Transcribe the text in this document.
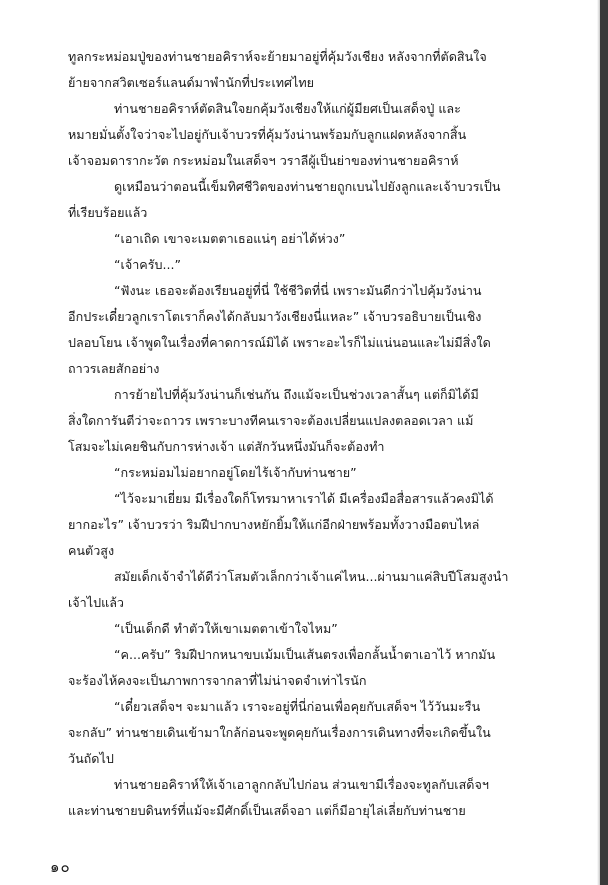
ทูลกระหม่อมปู่ของท่านชายอคิราห์จะย้ายมาอยู่ที่คุ้มวังเชียง หลังจากที่ตัดสินใจ
ย้ายจากสวิตเซอร์แลนด์มาพำนักที่ประเทศไทย
ท่านชายอคิราห์ตัดสินใจยกคุ้มวังเชียงให้แก่ผู้มียศเป็นเสด็จปู่ และ
หมายมั่นตั้งใจว่าจะไปอยู่กับเจ้าบวรที่คุ้มวังน่านพร้อมกับลูกแฝดหลังจากสิ้น
เจ้าจอมดารากะวัต กระหม่อมในเสด็จฯ วราลีผู้เป็นย่าของท่านชายอคิราห์
ดูเหมือนว่าตอนนี้เข็มทิศชีวิตของท่านชายถูกเบนไปยังลูกและเจ้าบวรเป็น
ที่เรียบร้อยแล้ว
“เอาเถิด เขาจะเมตตาเธอแน่ๆ อย่าได้ห่วง”
“เจ้าครับ...”
“ฟังนะ เธอจะต้องเรียนอยู่ที่นี่ ใช้ชีวิตที่นี่ เพราะมันดีกว่าไปคุ้มวังน่าน
อีกประเดี๋ยวลูกเราโตเราก็คงได้กลับมาวังเชียงนี่แหละ” เจ้าบวรอธิบายเป็นเชิง
ปลอบโยน เจ้าพูดในเรื่องที่คาดการณ์มิได้ เพราะอะไรก็ไม่แน่นอนและไม่มีสิ่งใด
ถาวรเลยสักอย่าง
การย้ายไปที่คุ้มวังน่านก็เช่นกัน ถึงแม้จะเป็นช่วงเวลาสั้นๆ แต่ก็มิได้มี
สิ่งใดการันตีว่าจะถาวร เพราะบางทีคนเราจะต้องเปลี่ยนแปลงตลอดเวลา แม้
โสมจะไม่เคยชินกับการห่างเจ้า แต่สักวันหนึ่งมันก็จะต้องทำ
“กระหม่อมไม่อยากอยู่โดยไร้เจ้ากับท่านชาย”
“ไว้จะมาเยี่ยม มีเรื่องใดก็โทรมาหาเราได้ มีเครื่องมือสื่อสารแล้วคงมิได้
ยากอะไร” เจ้าบวรว่า ริมฝีปากบางหยักยิ้มให้แก่อีกฝ่ายพร้อมทั้งวางมือตบไหล่
คนตัวสูง
สมัยเด็กเจ้าจำได้ดีว่าโสมตัวเล็กกว่าเจ้าแค่ไหน...ผ่านมาแค่สิบปีโสมสูงนำ
เจ้าไปแล้ว
“เป็นเด็กดี ทำตัวให้เขาเมตตาเข้าใจไหม”
“ค...ครับ” ริมฝีปากหนาขบเม้มเป็นเส้นตรงเพื่อกลั้นน้ำตาเอาไว้ หากมัน
จะร้องไห้คงจะเป็นภาพการจากลาที่ไม่น่าจดจำเท่าไรนัก
“เดี๋ยวเสด็จฯ จะมาแล้ว เราจะอยู่ที่นี่ก่อนเพื่อคุยกับเสด็จฯ ไว้วันมะรืน
จะกลับ” ท่านชายเดินเข้ามาใกล้ก่อนจะพูดคุยกันเรื่องการเดินทางที่จะเกิดขึ้นใน
วันถัดไป
ท่านชายอคิราห์ให้เจ้าเอาลูกกลับไปก่อน ส่วนเขามีเรื่องจะทูลกับเสด็จฯ
และท่านชายบดินทร์ที่แม้จะมีศักดิ์เป็นเสด็จอา แต่ก็มีอายุไล่เลี่ยกับท่านชาย
๑๐
